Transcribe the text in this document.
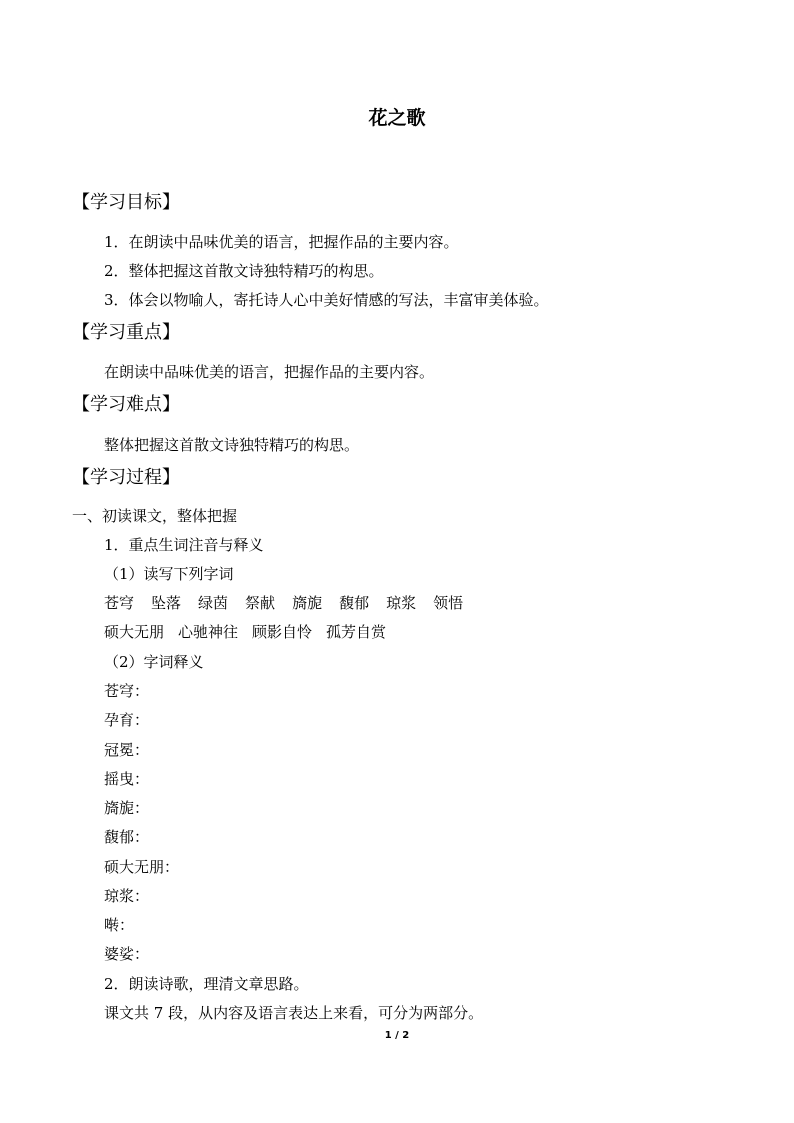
花之歌
【学习目标】
1．在朗读中品味优美的语言，把握作品的主要内容。
2．整体把握这首散文诗独特精巧的构思。
3．体会以物喻人，寄托诗人心中美好情感的写法，丰富审美体验。
【学习重点】
在朗读中品味优美的语言，把握作品的主要内容。
【学习难点】
整体把握这首散文诗独特精巧的构思。
【学习过程】
一、初读课文，整体把握
1．重点生词注音与释义
（1）读写下列字词
苍穹 坠落 绿茵 祭献 旖旎 馥郁 琼浆 领悟
硕大无朋 心驰神往 顾影自怜 孤芳自赏
（2）字词释义
苍穹：
孕育：
冠冕：
摇曳：
旖旎：
馥郁：
硕大无朋：
琼浆：
啭：
婆娑：
2．朗读诗歌，理清文章思路。
课文共 7 段，从内容及语言表达上来看，可分为两部分。
1 / 2
